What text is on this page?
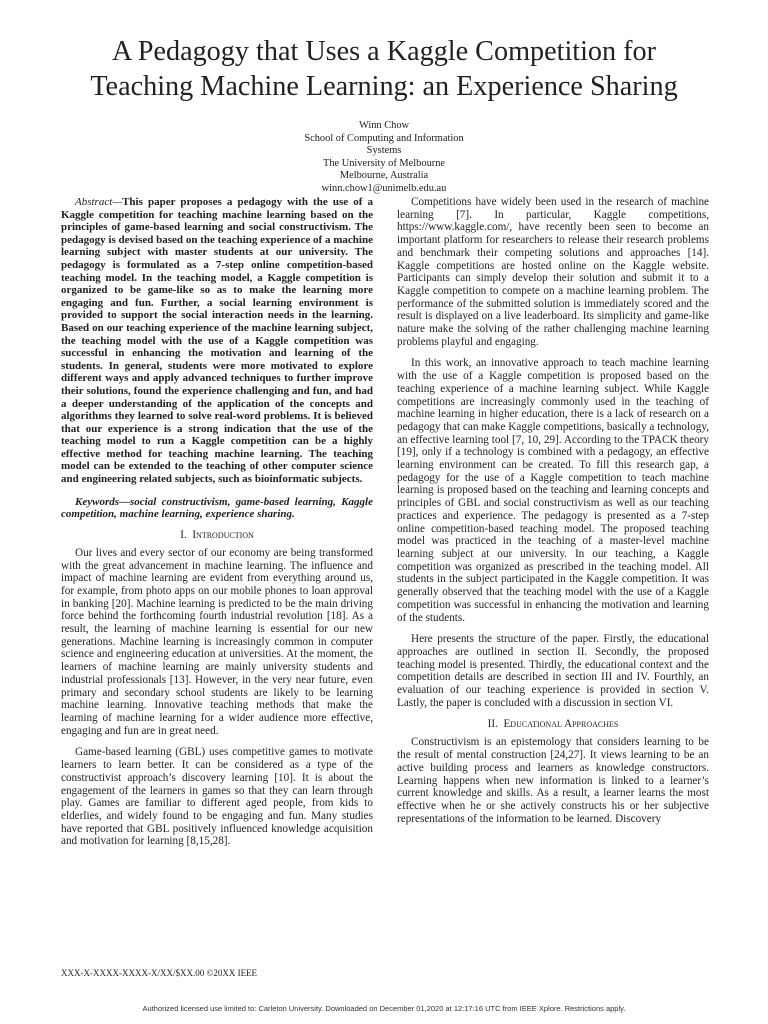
A Pedagogy that Uses a Kaggle Competition for
Teaching Machine Learning: an Experience Sharing
Winn Chow
School of Computing and Information
Systems
The University of Melbourne
Melbourne, Australia
winn.chow1@unimelb.edu.au

Abstract—This paper proposes a pedagogy with the use of a Kaggle competition for teaching machine learning based on the principles of game-based learning and social constructivism. The pedagogy is devised based on the teaching experience of a machine learning subject with master students at our university. The pedagogy is formulated as a 7-step online competition-based teaching model. In the teaching model, a Kaggle competition is organized to be game-like so as to make the learning more engaging and fun. Further, a social learning environment is provided to support the social interaction needs in the learning. Based on our teaching experience of the machine learning subject, the teaching model with the use of a Kaggle competition was successful in enhancing the motivation and learning of the students. In general, students were more motivated to explore different ways and apply advanced techniques to further improve their solutions, found the experience challenging and fun, and had a deeper understanding of the application of the concepts and algorithms they learned to solve real-word problems. It is believed that our experience is a strong indication that the use of the teaching model to run a Kaggle competition can be a highly effective method for teaching machine learning. The teaching model can be extended to the teaching of other computer science and engineering related subjects, such as bioinformatic subjects.

Keywords—social constructivism, game-based learning, Kaggle competition, machine learning, experience sharing.

I. Introduction

Our lives and every sector of our economy are being transformed with the great advancement in machine learning. The influence and impact of machine learning are evident from everything around us, for example, from photo apps on our mobile phones to loan approval in banking [20]. Machine learning is predicted to be the main driving force behind the forthcoming fourth industrial revolution [18]. As a result, the learning of machine learning is essential for our new generations. Machine learning is increasingly common in computer science and engineering education at universities. At the moment, the learners of machine learning are mainly university students and industrial professionals [13]. However, in the very near future, even primary and secondary school students are likely to be learning machine learning. Innovative teaching methods that make the learning of machine learning for a wider audience more effective, engaging and fun are in great need.

Game-based learning (GBL) uses competitive games to motivate learners to learn better. It can be considered as a type of the constructivist approach’s discovery learning [10]. It is about the engagement of the learners in games so that they can learn through play. Games are familiar to different aged people, from kids to elderlies, and widely found to be engaging and fun. Many studies have reported that GBL positively influenced knowledge acquisition and motivation for learning [8,15,28].

Competitions have widely been used in the research of machine learning [7]. In particular, Kaggle competitions, https://www.kaggle.com/, have recently been seen to become an important platform for researchers to release their research problems and benchmark their competing solutions and approaches [14]. Kaggle competitions are hosted online on the Kaggle website. Participants can simply develop their solution and submit it to a Kaggle competition to compete on a machine learning problem. The performance of the submitted solution is immediately scored and the result is displayed on a live leaderboard. Its simplicity and game-like nature make the solving of the rather challenging machine learning problems playful and engaging.

In this work, an innovative approach to teach machine learning with the use of a Kaggle competition is proposed based on the teaching experience of a machine learning subject. While Kaggle competitions are increasingly commonly used in the teaching of machine learning in higher education, there is a lack of research on a pedagogy that can make Kaggle competitions, basically a technology, an effective learning tool [7, 10, 29]. According to the TPACK theory [19], only if a technology is combined with a pedagogy, an effective learning environment can be created. To fill this research gap, a pedagogy for the use of a Kaggle competition to teach machine learning is proposed based on the teaching and learning concepts and principles of GBL and social constructivism as well as our teaching practices and experience. The pedagogy is presented as a 7-step online competition-based teaching model. The proposed teaching model was practiced in the teaching of a master-level machine learning subject at our university. In our teaching, a Kaggle competition was organized as prescribed in the teaching model. All students in the subject participated in the Kaggle competition. It was generally observed that the teaching model with the use of a Kaggle competition was successful in enhancing the motivation and learning of the students.

Here presents the structure of the paper. Firstly, the educational approaches are outlined in section II. Secondly, the proposed teaching model is presented. Thirdly, the educational context and the competition details are described in section III and IV. Fourthly, an evaluation of our teaching experience is provided in section V. Lastly, the paper is concluded with a discussion in section VI.

II. Educational Approaches

Constructivism is an epistemology that considers learning to be the result of mental construction [24,27]. It views learning to be an active building process and learners as knowledge constructors. Learning happens when new information is linked to a learner’s current knowledge and skills. As a result, a learner learns the most effective when he or she actively constructs his or her subjective representations of the information to be learned. Discovery

XXX-X-XXXX-XXXX-X/XX/$XX.00 ©20XX IEEE
Authorized licensed use limited to: Carleton University. Downloaded on December 01,2020 at 12:17:16 UTC from IEEE Xplore. Restrictions apply.
